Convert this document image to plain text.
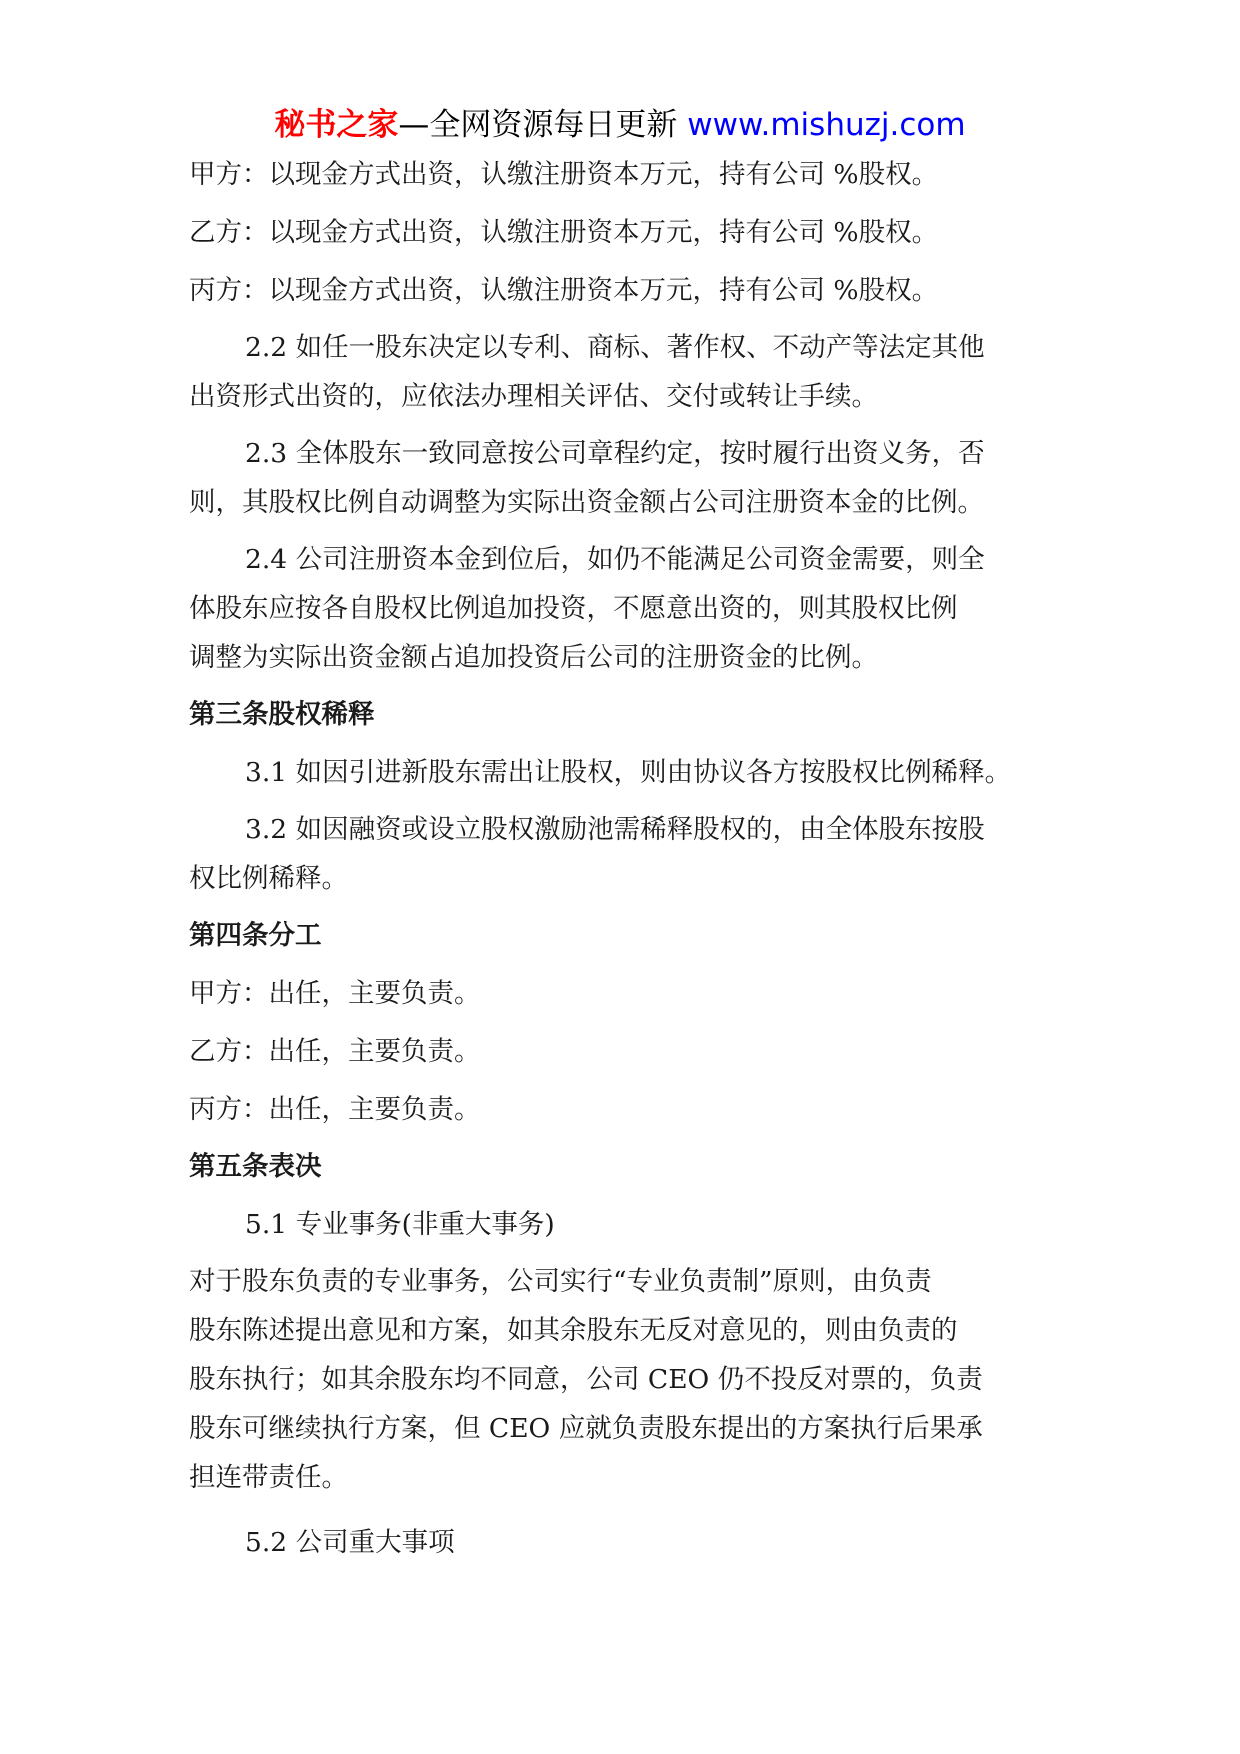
秘书之家—全网资源每日更新 www.mishuzj.com

甲方：以现金方式出资，认缴注册资本万元，持有公司 %股权。

乙方：以现金方式出资，认缴注册资本万元，持有公司 %股权。

丙方：以现金方式出资，认缴注册资本万元，持有公司 %股权。

2.2 如任一股东决定以专利、商标、著作权、不动产等法定其他
出资形式出资的，应依法办理相关评估、交付或转让手续。
2.3 全体股东一致同意按公司章程约定，按时履行出资义务，否
则，其股权比例自动调整为实际出资金额占公司注册资本金的比例。
2.4 公司注册资本金到位后，如仍不能满足公司资金需要，则全
体股东应按各自股权比例追加投资，不愿意出资的，则其股权比例
调整为实际出资金额占追加投资后公司的注册资金的比例。

第三条股权稀释

3.1 如因引进新股东需出让股权，则由协议各方按股权比例稀释。

3.2 如因融资或设立股权激励池需稀释股权的，由全体股东按股
权比例稀释。

第四条分工

甲方：出任，主要负责。

乙方：出任，主要负责。

丙方：出任，主要负责。

第五条表决

5.1 专业事务(非重大事务)

对于股东负责的专业事务，公司实行“专业负责制”原则，由负责
股东陈述提出意见和方案，如其余股东无反对意见的，则由负责的
股东执行；如其余股东均不同意，公司 CEO 仍不投反对票的，负责
股东可继续执行方案，但 CEO 应就负责股东提出的方案执行后果承
担连带责任。

5.2 公司重大事项
